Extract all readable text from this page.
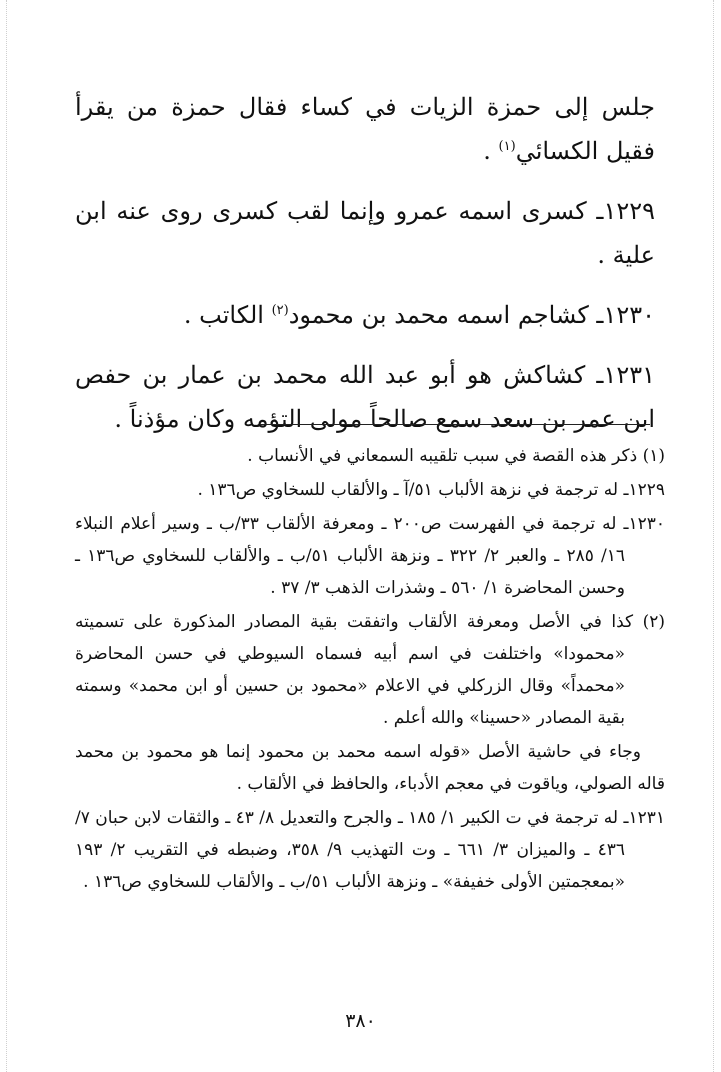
جلس إلى حمزة الزيات في كساء فقال حمزة من يقرأ فقيل الكسائي$^{(١)}$ .

١٢٢٩ـ كسرى اسمه عمرو وإنما لقب كسرى روى عنه ابن علية .

١٢٣٠ـ كشاجم اسمه محمد بن محمود$^{(٢)}$ الكاتب .

١٢٣١ـ كشاكش هو أبو عبد الله محمد بن عمار بن حفص ابن عمر بن سعد سمع صالحاً مولى التؤمه وكان مؤذناً .

(١) ذكر هذه القصة في سبب تلقيبه السمعاني في الأنساب .

١٢٢٩ـ له ترجمة في نزهة الألباب ٥١/آ ـ والألقاب للسخاوي ص١٣٦ .

١٢٣٠ـ له ترجمة في الفهرست ص٢٠٠ ـ ومعرفة الألقاب ٣٣/ب ـ وسير أعلام النبلاء ١٦/ ٢٨٥ ـ والعبر ٢/ ٣٢٢ ـ ونزهة الألباب ٥١/ب ـ والألقاب للسخاوي ص١٣٦ ـ وحسن المحاضرة ١/ ٥٦٠ ـ وشذرات الذهب ٣/ ٣٧ .

(٢) كذا في الأصل ومعرفة الألقاب واتفقت بقية المصادر المذكورة على تسميته «محمودا» واختلفت في اسم أبيه فسماه السيوطي في حسن المحاضرة «محمداً» وقال الزركلي في الاعلام «محمود بن حسين أو ابن محمد» وسمته بقية المصادر «حسينا» والله أعلم .

وجاء في حاشية الأصل «قوله اسمه محمد بن محمود إنما هو محمود بن محمد قاله الصولي، وياقوت في معجم الأدباء، والحافظ في الألقاب .

١٢٣١ـ له ترجمة في ت الكبير ١/ ١٨٥ ـ والجرح والتعديل ٨/ ٤٣ ـ والثقات لابن حبان ٧/ ٤٣٦ ـ والميزان ٣/ ٦٦١ ـ وت التهذيب ٩/ ٣٥٨، وضبطه في التقريب ٢/ ١٩٣ «بمعجمتين الأولى خفيفة» ـ ونزهة الألباب ٥١/ب ـ والألقاب للسخاوي ص١٣٦ .

٣٨٠
